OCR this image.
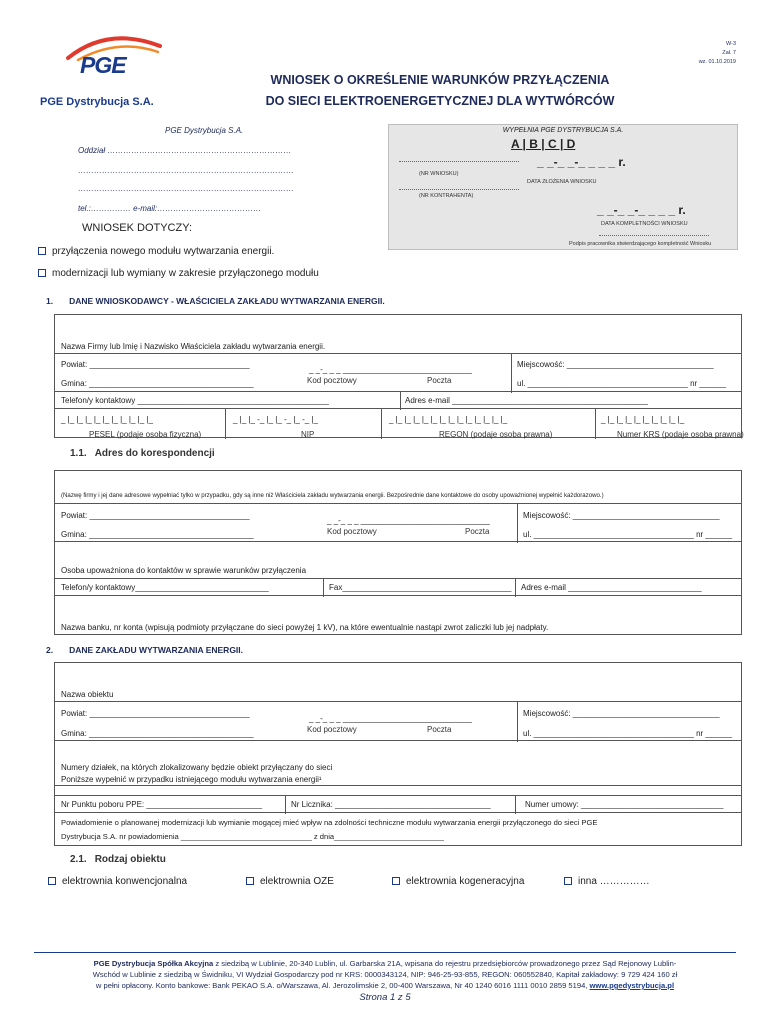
W-3
Zał. 7
wz. 01.10.2019
PGE
PGE Dystrybucja S.A.
WNIOSEK O OKREŚLENIE WARUNKÓW PRZYŁĄCZENIA
DO SIECI ELEKTROENERGETYCZNEJ DLA WYTWÓRCÓW
PGE Dystrybucja S.A.
Oddział ……………………………………………………………
………………………………………………………………………
………………………………………………………………………
tel.:…………… e-mail:…………………………………
WYPEŁNIA PGE DYSTRYBUCJA S.A.
A | B | C | D
_ _-_ _-_ _ _ _ r.
(NR WNIOSKU)
DATA ZŁOŻENIA WNIOSKU
(NR KONTRAHENTA)
_ _-_ _-_ _ _ _ r.
DATA KOMPLETNOŚCI WNIOSKU
Podpis pracownika stwierdzającego kompletność Wniosku
WNIOSEK DOTYCZY:
przyłączenia nowego modułu wytwarzania energii.
modernizacji lub wymiany w zakresie przyłączonego modułu
1. DANE WNIOSKODAWCY - WŁAŚCICIELA ZAKŁADU WYTWARZANIA ENERGII.
Nazwa Firmy lub Imię i Nazwisko Właściciela zakładu wytwarzania energii.
Powiat: ____________________________________
Gmina: _____________________________________
_ _-_ _ _ _____________________________
Kod pocztowy	Poczta
Miejscowość: _________________________________
ul. ____________________________________ nr ______
Telefon/y kontaktowy ___________________________________________	Adres e-mail ____________________________________________
_ |_ |_ |_ |_ |_ |_ |_ |_ |_ |_
PESEL (podaje osoba fizyczna)
_ |_ |_ -_ |_ |_ -_ |_ -_ |_
NIP
_ |_ |_ |_ |_ |_ |_ |_ |_ |_ |_ |_ |_ |_
REGON (podaje osoba prawna)
_ |_ |_ |_ |_ |_ |_ |_ |_ |_
Numer KRS (podaje osoba prawna)
1.1. Adres do korespondencji
(Nazwę firmy i jej dane adresowe wypełniać tylko w przypadku, gdy są inne niż Właściciela zakładu wytwarzania energii. Bezpośrednie dane kontaktowe do osoby upoważnionej wypełnić każdorazowo.)
Powiat: ____________________________________
Gmina: _____________________________________
_ _-_ _ _ _____________________________
Kod pocztowy	Poczta
Miejscowość: _________________________________
ul. ____________________________________ nr ______
Osoba upoważniona do kontaktów w sprawie warunków przyłączenia
Telefon/y kontaktowy______________________________	Fax______________________________________ Adres e-mail ______________________________
Nazwa banku, nr konta (wpisują podmioty przyłączane do sieci powyżej 1 kV), na które ewentualnie nastąpi zwrot zaliczki lub jej nadpłaty.
2. DANE ZAKŁADU WYTWARZANIA ENERGII.
Nazwa obiektu
Powiat: ____________________________________
Gmina: _____________________________________
_ _-_ _ _ _____________________________
Kod pocztowy	Poczta
Miejscowość: _________________________________
ul. ____________________________________ nr ______
Numery działek, na których zlokalizowany będzie obiekt przyłączany do sieci
Poniższe wypełnić w przypadku istniejącego modułu wytwarzania energii¹
Nr Punktu poboru PPE: __________________________	Nr Licznika: ___________________________________	Numer umowy: ________________________________
Powiadomienie o planowanej modernizacji lub wymianie mogącej mieć wpływ na zdolności techniczne modułu wytwarzania energii przyłączonego do sieci PGE
Dystrybucja S.A. nr powiadomienia _______________________________ z dnia__________________________
2.1. Rodzaj obiektu
elektrownia konwencjonalna	elektrownia OZE	elektrownia kogeneracyjna	inna ……………
PGE Dystrybucja Spółka Akcyjna z siedzibą w Lublinie, 20-340 Lublin, ul. Garbarska 21A, wpisana do rejestru przedsiębiorców prowadzonego przez Sąd Rejonowy Lublin-
Wschód w Lublinie z siedzibą w Świdniku, VI Wydział Gospodarczy pod nr KRS: 0000343124, NIP: 946-25-93-855, REGON: 060552840, Kapitał zakładowy: 9 729 424 160 zł
w pełni opłacony. Konto bankowe: Bank PEKAO S.A. o/Warszawa, Al. Jerozolimskie 2, 00-400 Warszawa, Nr 40 1240 6016 1111 0010 2859 5194, www.pgedystrybucja.pl
Strona 1 z 5
